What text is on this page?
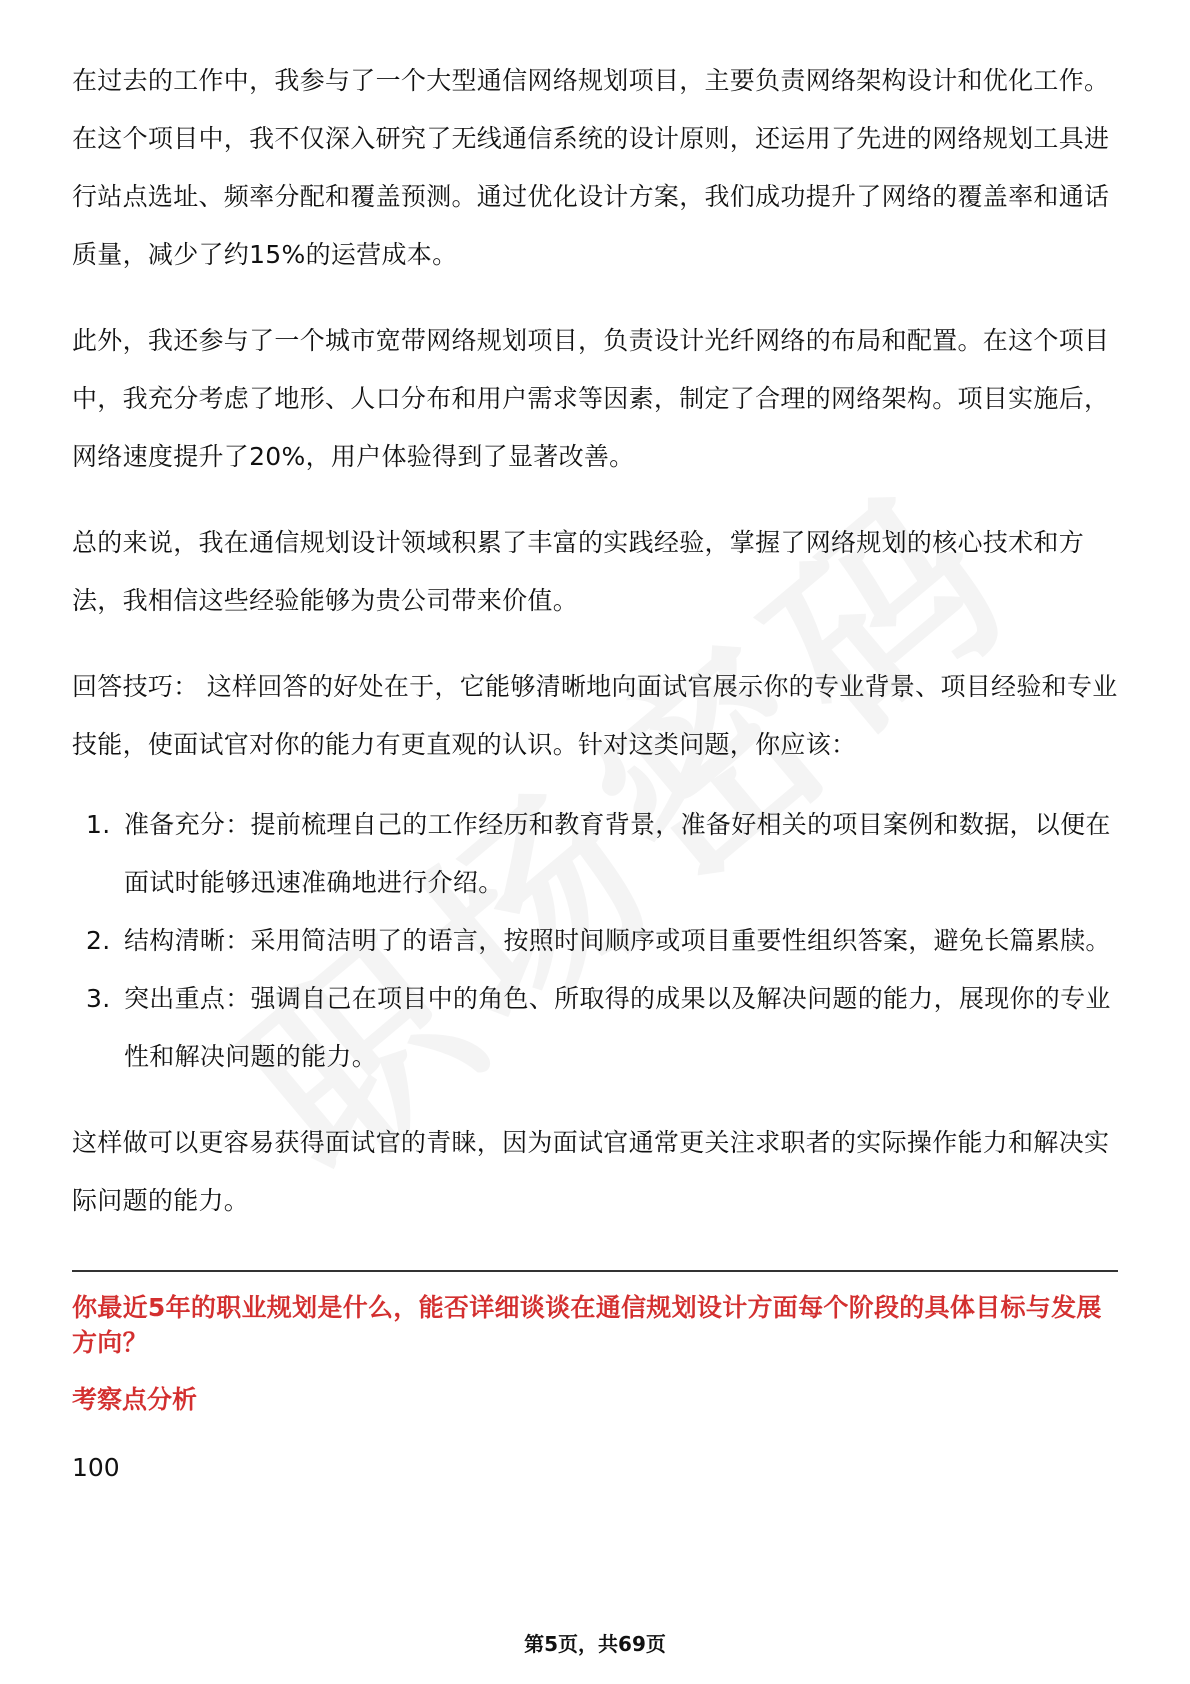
在过去的工作中，我参与了一个大型通信网络规划项目，主要负责网络架构设计和优化工作。在这个项目中，我不仅深入研究了无线通信系统的设计原则，还运用了先进的网络规划工具进行站点选址、频率分配和覆盖预测。通过优化设计方案，我们成功提升了网络的覆盖率和通话质量，减少了约15%的运营成本。

此外，我还参与了一个城市宽带网络规划项目，负责设计光纤网络的布局和配置。在这个项目中，我充分考虑了地形、人口分布和用户需求等因素，制定了合理的网络架构。项目实施后，网络速度提升了20%，用户体验得到了显著改善。

总的来说，我在通信规划设计领域积累了丰富的实践经验，掌握了网络规划的核心技术和方法，我相信这些经验能够为贵公司带来价值。

回答技巧： 这样回答的好处在于，它能够清晰地向面试官展示你的专业背景、项目经验和专业技能，使面试官对你的能力有更直观的认识。针对这类问题，你应该：

1. 准备充分：提前梳理自己的工作经历和教育背景，准备好相关的项目案例和数据，以便在面试时能够迅速准确地进行介绍。
2. 结构清晰：采用简洁明了的语言，按照时间顺序或项目重要性组织答案，避免长篇累牍。
3. 突出重点：强调自己在项目中的角色、所取得的成果以及解决问题的能力，展现你的专业性和解决问题的能力。

这样做可以更容易获得面试官的青睐，因为面试官通常更关注求职者的实际操作能力和解决实际问题的能力。

你最近5年的职业规划是什么，能否详细谈谈在通信规划设计方面每个阶段的具体目标与发展方向？

考察点分析

100

第5页，共69页
